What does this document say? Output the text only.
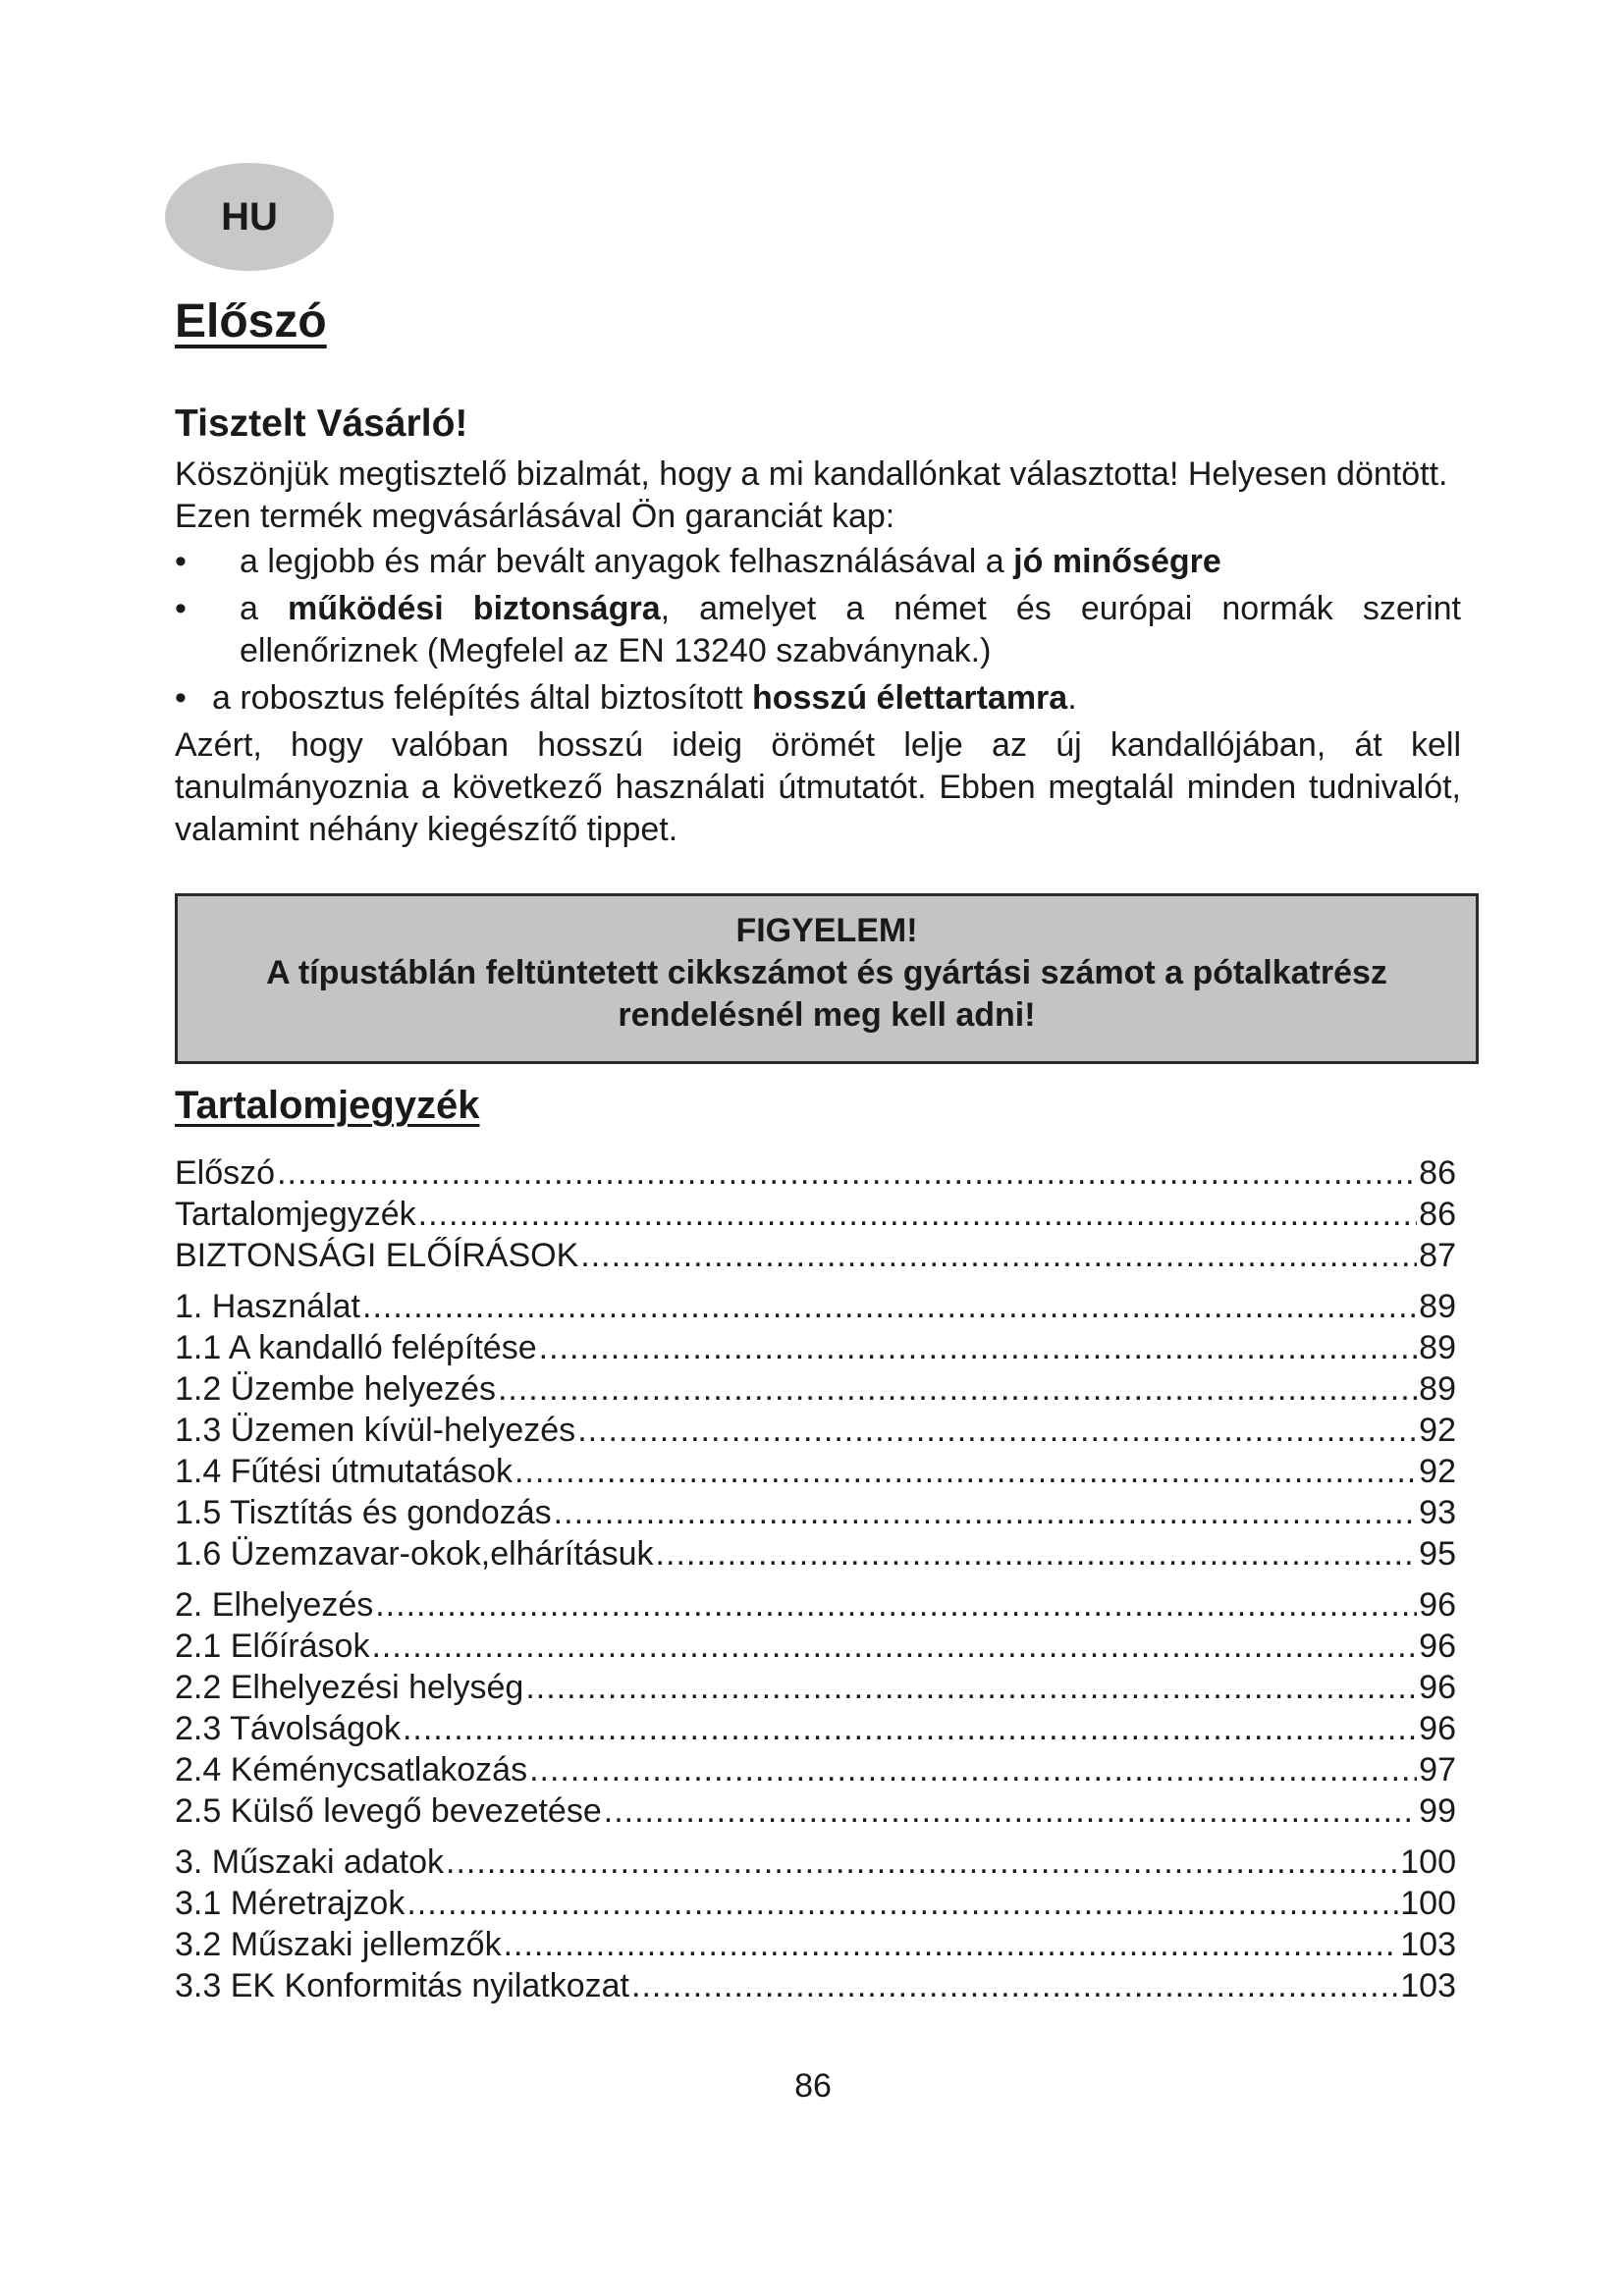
HU
Előszó
Tisztelt Vásárló!

Köszönjük megtisztelő bizalmát, hogy a mi kandallónkat választotta! Helyesen döntött.

Ezen termék megvásárlásával Ön garanciát kap:

• a legjobb és már bevált anyagok felhasználásával a jó minőségre
• a működési biztonságra, amelyet a német és európai normák szerint ellenőriznek (Megfelel az EN 13240 szabványnak.)
• a robosztus felépítés által biztosított hosszú élettartamra.

Azért, hogy valóban hosszú ideig örömét lelje az új kandallójában, át kell tanulmányoznia a következő használati útmutatót. Ebben megtalál minden tudnivalót, valamint néhány kiegészítő tippet.

FIGYELEM!
A típustáblán feltüntetett cikkszámot és gyártási számot a pótalkatrész
rendelésnél meg kell adni!
Tartalomjegyzék
Előszó .....	86
Tartalomjegyzék .....	86
BIZTONSÁGI ELŐÍRÁSOK .....	87
1. Használat .....	89
1.1 A kandalló felépítése .....	89
1.2 Üzembe helyezés .....	89
1.3 Üzemen kívül-helyezés .....	92
1.4 Fűtési útmutatások .....	92
1.5 Tisztítás és gondozás .....	93
1.6 Üzemzavar-okok,elhárításuk .....	95
2. Elhelyezés .....	96
2.1 Előírások .....	96
2.2 Elhelyezési helység .....	96
2.3 Távolságok .....	96
2.4 Kéménycsatlakozás .....	97
2.5 Külső levegő bevezetése .....	99
3. Műszaki adatok .....	100
3.1 Méretrajzok .....	100
3.2 Műszaki jellemzők .....	103
3.3 EK Konformitás nyilatkozat .....	103
86
